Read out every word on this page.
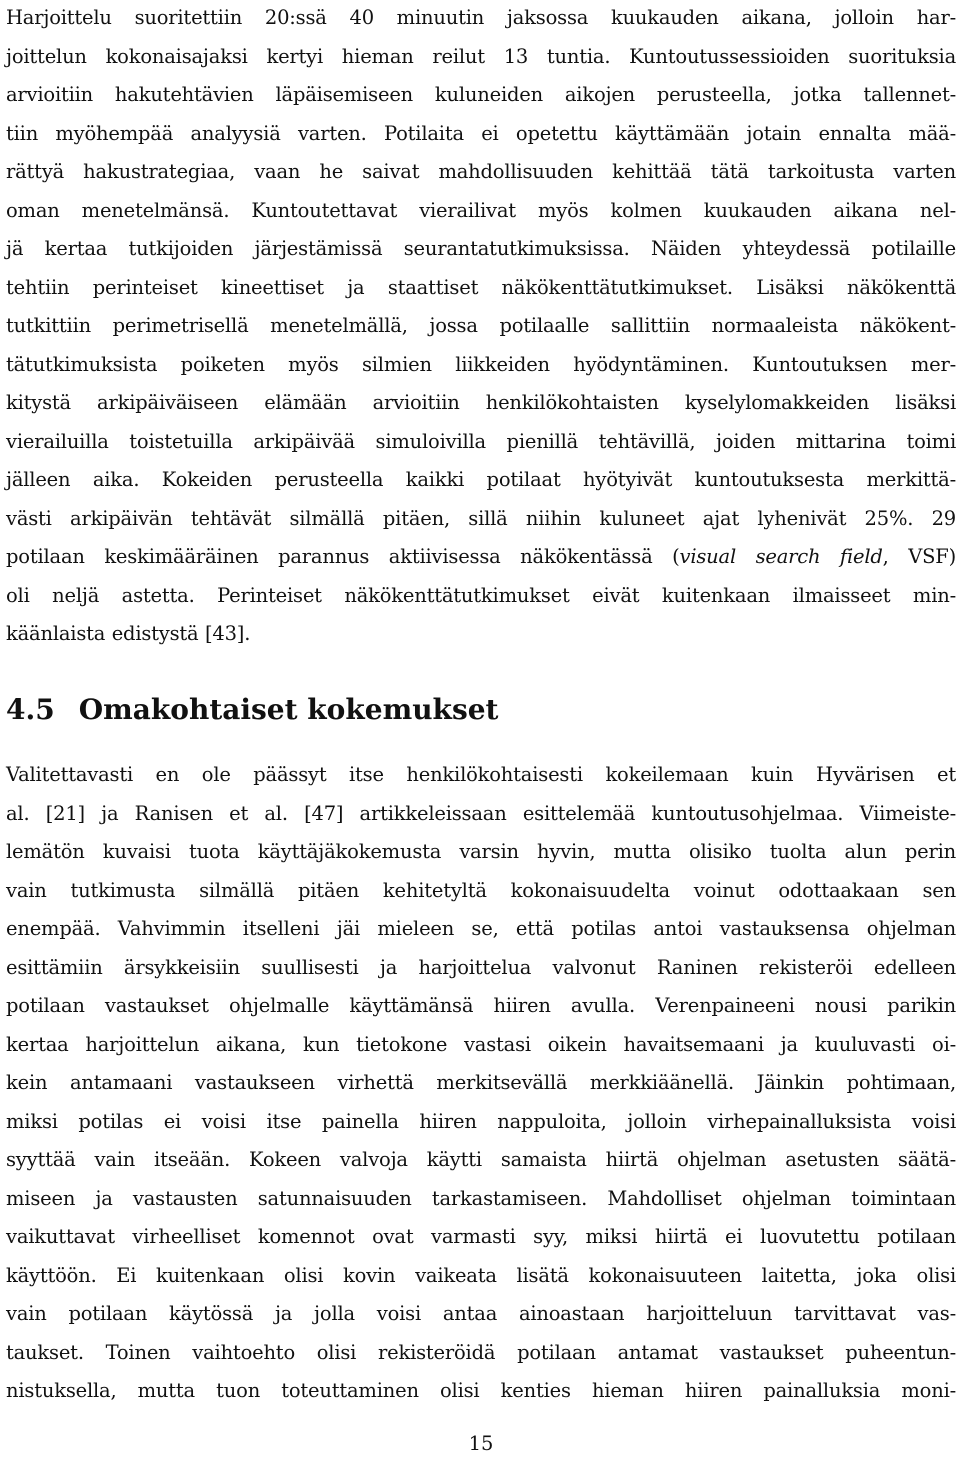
Harjoittelu suoritettiin 20:ssä 40 minuutin jaksossa kuukauden aikana, jolloin har-
joittelun kokonaisajaksi kertyi hieman reilut 13 tuntia. Kuntoutussessioiden suorituksia
arvioitiin hakutehtävien läpäisemiseen kuluneiden aikojen perusteella, jotka tallennet-
tiin myöhempää analyysiä varten. Potilaita ei opetettu käyttämään jotain ennalta mää-
rättyä hakustrategiaa, vaan he saivat mahdollisuuden kehittää tätä tarkoitusta varten
oman menetelmänsä. Kuntoutettavat vierailivat myös kolmen kuukauden aikana nel-
jä kertaa tutkijoiden järjestämissä seurantatutkimuksissa. Näiden yhteydessä potilaille
tehtiin perinteiset kineettiset ja staattiset näkökenttätutkimukset. Lisäksi näkökenttä
tutkittiin perimetrisellä menetelmällä, jossa potilaalle sallittiin normaaleista näkökent-
tätutkimuksista poiketen myös silmien liikkeiden hyödyntäminen. Kuntoutuksen mer-
kitystä arkipäiväiseen elämään arvioitiin henkilökohtaisten kyselylomakkeiden lisäksi
vierailuilla toistetuilla arkipäivää simuloivilla pienillä tehtävillä, joiden mittarina toimi
jälleen aika. Kokeiden perusteella kaikki potilaat hyötyivät kuntoutuksesta merkittä-
västi arkipäivän tehtävät silmällä pitäen, sillä niihin kuluneet ajat lyhenivät 25%. 29
potilaan keskimääräinen parannus aktiivisessa näkökentässä (visual search field, VSF)
oli neljä astetta. Perinteiset näkökenttätutkimukset eivät kuitenkaan ilmaisseet min-
käänlaista edistystä [43].
4.5 Omakohtaiset kokemukset
Valitettavasti en ole päässyt itse henkilökohtaisesti kokeilemaan kuin Hyvärisen et
al. [21] ja Ranisen et al. [47] artikkeleissaan esittelemää kuntoutusohjelmaa. Viimeiste-
lemätön kuvaisi tuota käyttäjäkokemusta varsin hyvin, mutta olisiko tuolta alun perin
vain tutkimusta silmällä pitäen kehitetyltä kokonaisuudelta voinut odottaakaan sen
enempää. Vahvimmin itselleni jäi mieleen se, että potilas antoi vastauksensa ohjelman
esittämiin ärsykkeisiin suullisesti ja harjoittelua valvonut Raninen rekisteröi edelleen
potilaan vastaukset ohjelmalle käyttämänsä hiiren avulla. Verenpaineeni nousi parikin
kertaa harjoittelun aikana, kun tietokone vastasi oikein havaitsemaani ja kuuluvasti oi-
kein antamaani vastaukseen virhettä merkitsevällä merkkiäänellä. Jäinkin pohtimaan,
miksi potilas ei voisi itse painella hiiren nappuloita, jolloin virhepainalluksista voisi
syyttää vain itseään. Kokeen valvoja käytti samaista hiirtä ohjelman asetusten säätä-
miseen ja vastausten satunnaisuuden tarkastamiseen. Mahdolliset ohjelman toimintaan
vaikuttavat virheelliset komennot ovat varmasti syy, miksi hiirtä ei luovutettu potilaan
käyttöön. Ei kuitenkaan olisi kovin vaikeata lisätä kokonaisuuteen laitetta, joka olisi
vain potilaan käytössä ja jolla voisi antaa ainoastaan harjoitteluun tarvittavat vas-
taukset. Toinen vaihtoehto olisi rekisteröidä potilaan antamat vastaukset puheentun-
nistuksella, mutta tuon toteuttaminen olisi kenties hieman hiiren painalluksia moni-
15
